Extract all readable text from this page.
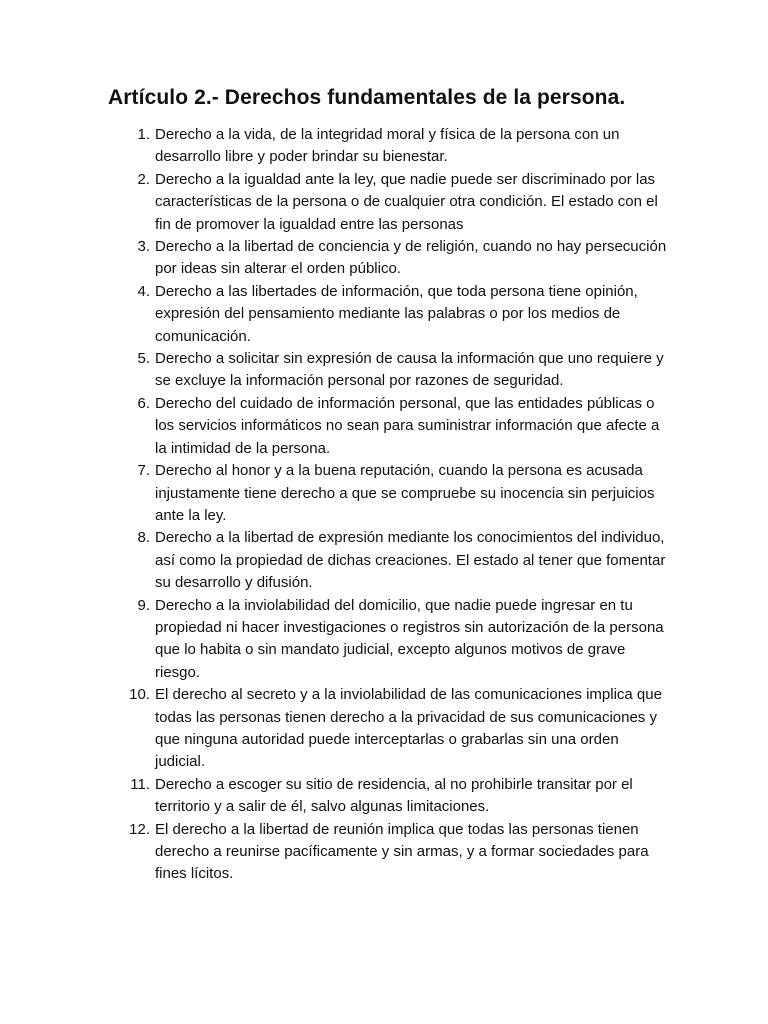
Artículo 2.- Derechos fundamentales de la persona.
1. Derecho a la vida, de la integridad moral y física de la persona con un desarrollo libre y poder brindar su bienestar.
2. Derecho a la igualdad ante la ley, que nadie puede ser discriminado por las características de la persona o de cualquier otra condición. El estado con el fin de promover la igualdad entre las personas
3. Derecho a la libertad de conciencia y de religión, cuando no hay persecución por ideas sin alterar el orden público.
4. Derecho a las libertades de información, que toda persona tiene opinión, expresión del pensamiento mediante las palabras o por los medios de comunicación.
5. Derecho a solicitar sin expresión de causa la información que uno requiere y se excluye la información personal por razones de seguridad.
6. Derecho del cuidado de información personal, que las entidades públicas o los servicios informáticos no sean para suministrar información que afecte a la intimidad de la persona.
7. Derecho al honor y a la buena reputación, cuando la persona es acusada injustamente tiene derecho a que se compruebe su inocencia sin perjuicios ante la ley.
8. Derecho a la libertad de expresión mediante los conocimientos del individuo, así como la propiedad de dichas creaciones. El estado al tener que fomentar su desarrollo y difusión.
9. Derecho a la inviolabilidad del domicilio, que nadie puede ingresar en tu propiedad ni hacer investigaciones o registros sin autorización de la persona que lo habita o sin mandato judicial, excepto algunos motivos de grave riesgo.
10. El derecho al secreto y a la inviolabilidad de las comunicaciones implica que todas las personas tienen derecho a la privacidad de sus comunicaciones y que ninguna autoridad puede interceptarlas o grabarlas sin una orden judicial.
11. Derecho a escoger su sitio de residencia, al no prohibirle transitar por el territorio y a salir de él, salvo algunas limitaciones.
12. El derecho a la libertad de reunión implica que todas las personas tienen derecho a reunirse pacíficamente y sin armas, y a formar sociedades para fines lícitos.
